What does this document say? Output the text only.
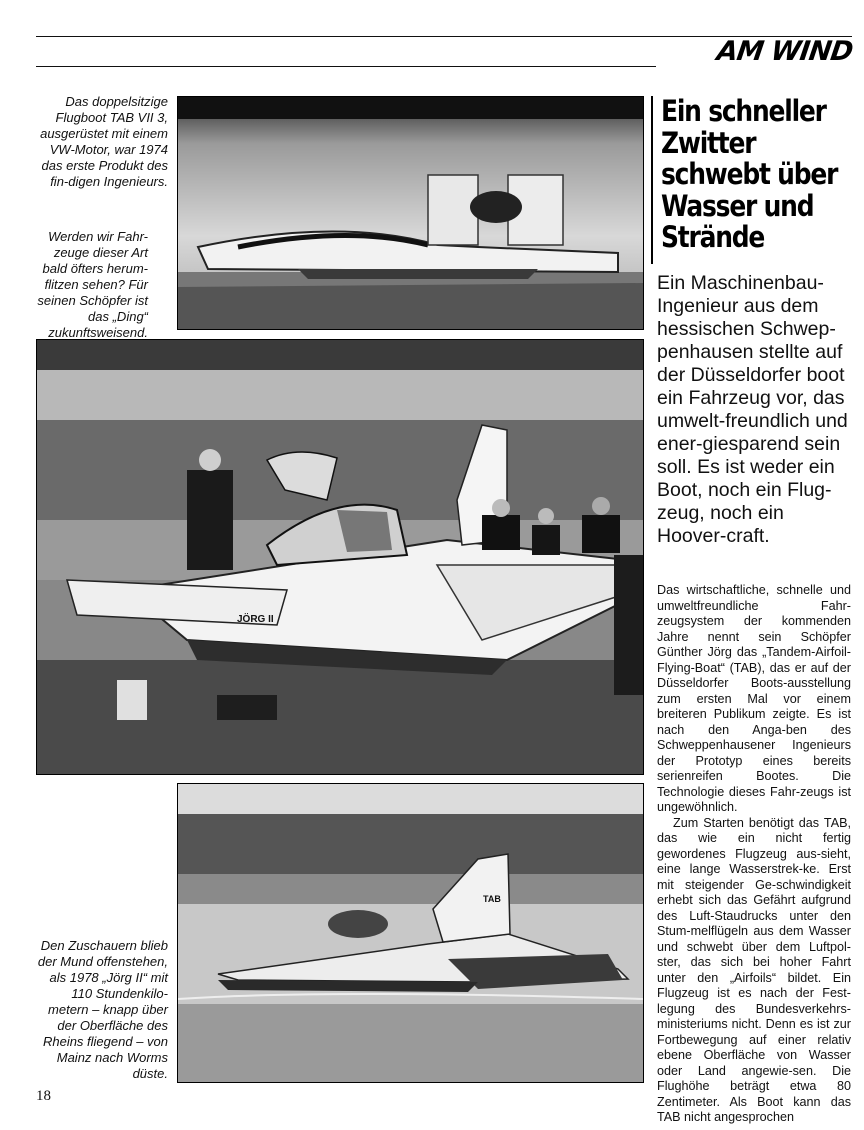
AM WIND

Das doppelsitzige Flugboot TAB VII 3, ausgerüstet mit einem VW-Motor, war 1974 das erste Produkt des fin-digen Ingenieurs.

Werden wir Fahr-zeuge dieser Art bald öfters herum-flitzen sehen? Für seinen Schöpfer ist das „Ding“ zukunftsweisend.

Den Zuschauern blieb der Mund offenstehen, als 1978 „Jörg II“ mit 110 Stundenkilo-metern – knapp über der Oberfläche des Rheins fliegend – von Mainz nach Worms düste.

JÖRG II
TAB
Ein schneller Zwitter schwebt über Wasser und Strände

Ein Maschinenbau-Ingenieur aus dem hessischen Schwep-penhausen stellte auf der Düsseldorfer boot ein Fahrzeug vor, das umwelt-freundlich und ener-giesparend sein soll. Es ist weder ein Boot, noch ein Flug-zeug, noch ein Hoover-craft.

Das wirtschaftliche, schnelle und umweltfreundliche Fahr-zeugsystem der kommenden Jahre nennt sein Schöpfer Günther Jörg das „Tandem-Airfoil-Flying-Boat“ (TAB), das er auf der Düsseldorfer Boots-ausstellung zum ersten Mal vor einem breiteren Publikum zeigte. Es ist nach den Anga-ben des Schweppenhausener Ingenieurs der Prototyp eines bereits serienreifen Bootes. Die Technologie dieses Fahr-zeugs ist ungewöhnlich.

Zum Starten benötigt das TAB, das wie ein nicht fertig gewordenes Flugzeug aus-sieht, eine lange Wasserstrek-ke. Erst mit steigender Ge-schwindigkeit erhebt sich das Gefährt aufgrund des Luft-Staudrucks unter den Stum-melflügeln aus dem Wasser und schwebt über dem Luftpol-ster, das sich bei hoher Fahrt unter den „Airfoils“ bildet. Ein Flugzeug ist es nach der Fest-legung des Bundesverkehrs-ministeriums nicht. Denn es ist zur Fortbewegung auf einer relativ ebene Oberfläche von Wasser oder Land angewie-sen. Die Flughöhe beträgt etwa 80 Zentimeter. Als Boot kann das TAB nicht angesprochen

18
